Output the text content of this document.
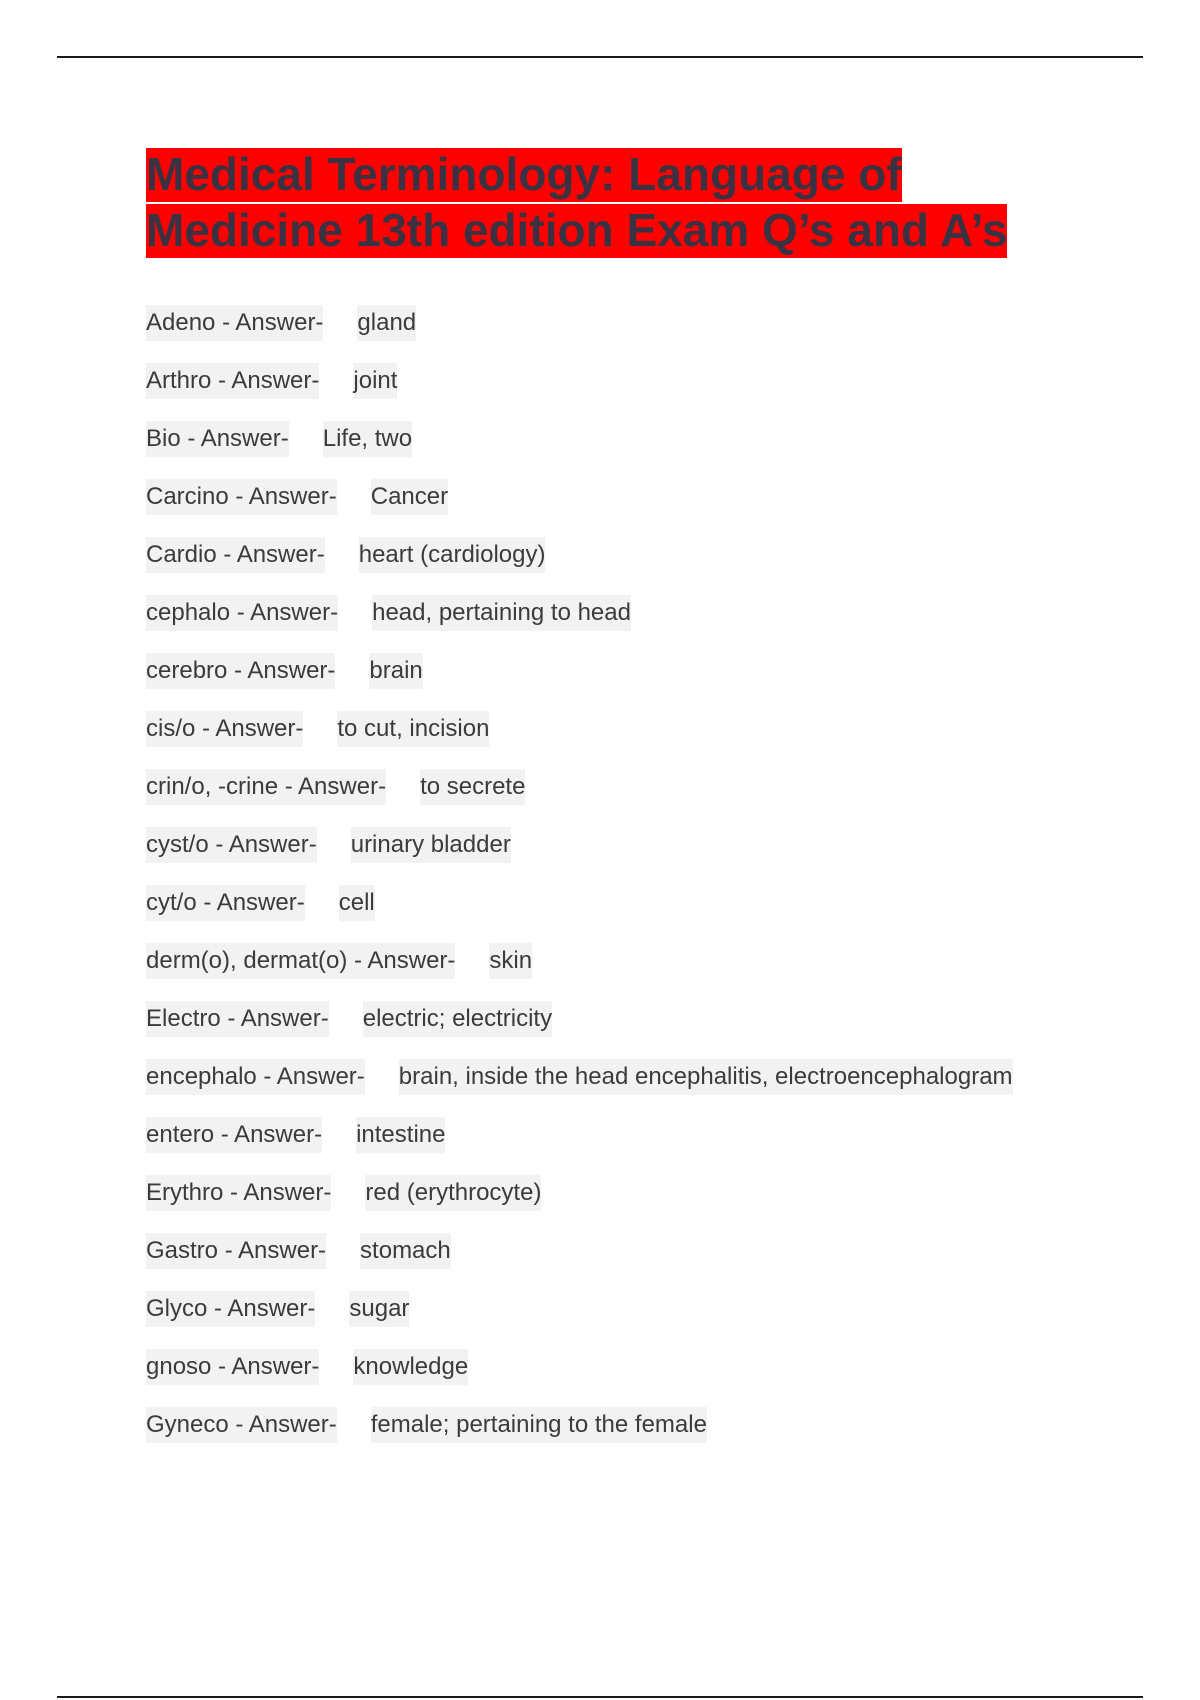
Medical Terminology: Language of
Medicine 13th edition Exam Q’s and A’s
Adeno - Answer- gland
Arthro - Answer- joint
Bio - Answer- Life, two
Carcino - Answer- Cancer
Cardio - Answer- heart (cardiology)
cephalo - Answer- head, pertaining to head
cerebro - Answer- brain
cis/o - Answer- to cut, incision
crin/o, -crine - Answer- to secrete
cyst/o - Answer- urinary bladder
cyt/o - Answer- cell
derm(o), dermat(o) - Answer- skin
Electro - Answer- electric; electricity
encephalo - Answer- brain, inside the head encephalitis, electroencephalogram
entero - Answer- intestine
Erythro - Answer- red (erythrocyte)
Gastro - Answer- stomach
Glyco - Answer- sugar
gnoso - Answer- knowledge
Gyneco - Answer- female; pertaining to the female
